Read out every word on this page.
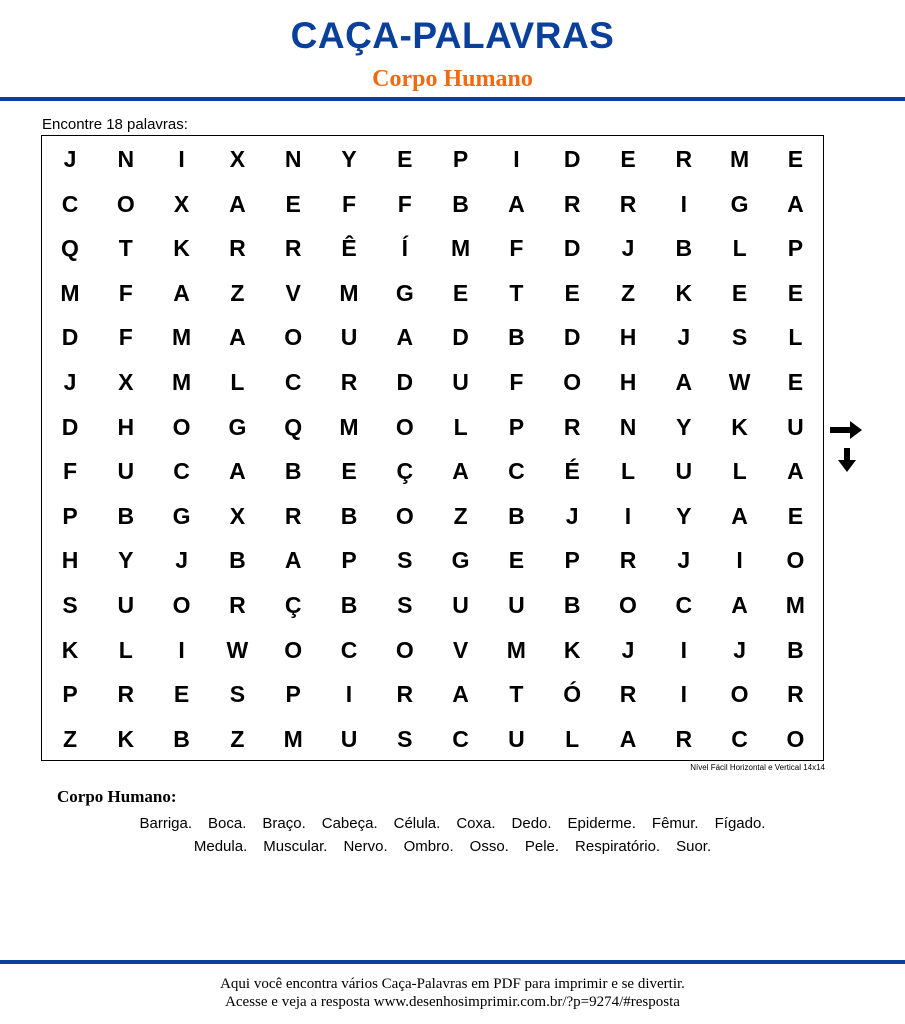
CAÇA-PALAVRAS
Corpo Humano
Encontre 18 palavras:
J	N	I	X	N	Y	E	P	I	D	E	R	M	E
C	O	X	A	E	F	F	B	A	R	R	I	G	A
Q	T	K	R	R	Ê	Í	M	F	D	J	B	L	P
M	F	A	Z	V	M	G	E	T	E	Z	K	E	E
D	F	M	A	O	U	A	D	B	D	H	J	S	L
J	X	M	L	C	R	D	U	F	O	H	A	W	E
D	H	O	G	Q	M	O	L	P	R	N	Y	K	U
F	U	C	A	B	E	Ç	A	C	É	L	U	L	A
P	B	G	X	R	B	O	Z	B	J	I	Y	A	E
H	Y	J	B	A	P	S	G	E	P	R	J	I	O
S	U	O	R	Ç	B	S	U	U	B	O	C	A	M
K	L	I	W	O	C	O	V	M	K	J	I	J	B
P	R	E	S	P	I	R	A	T	Ó	R	I	O	R
Z	K	B	Z	M	U	S	C	U	L	A	R	C	O
Nível Fácil Horizontal e Vertical 14x14
Corpo Humano:
Barriga. Boca. Braço. Cabeça. Célula. Coxa. Dedo. Epiderme. Fêmur. Fígado.
Medula. Muscular. Nervo. Ombro. Osso. Pele. Respiratório. Suor.
Aqui você encontra vários Caça-Palavras em PDF para imprimir e se divertir.
Acesse e veja a resposta www.desenhosimprimir.com.br/?p=9274/#resposta
